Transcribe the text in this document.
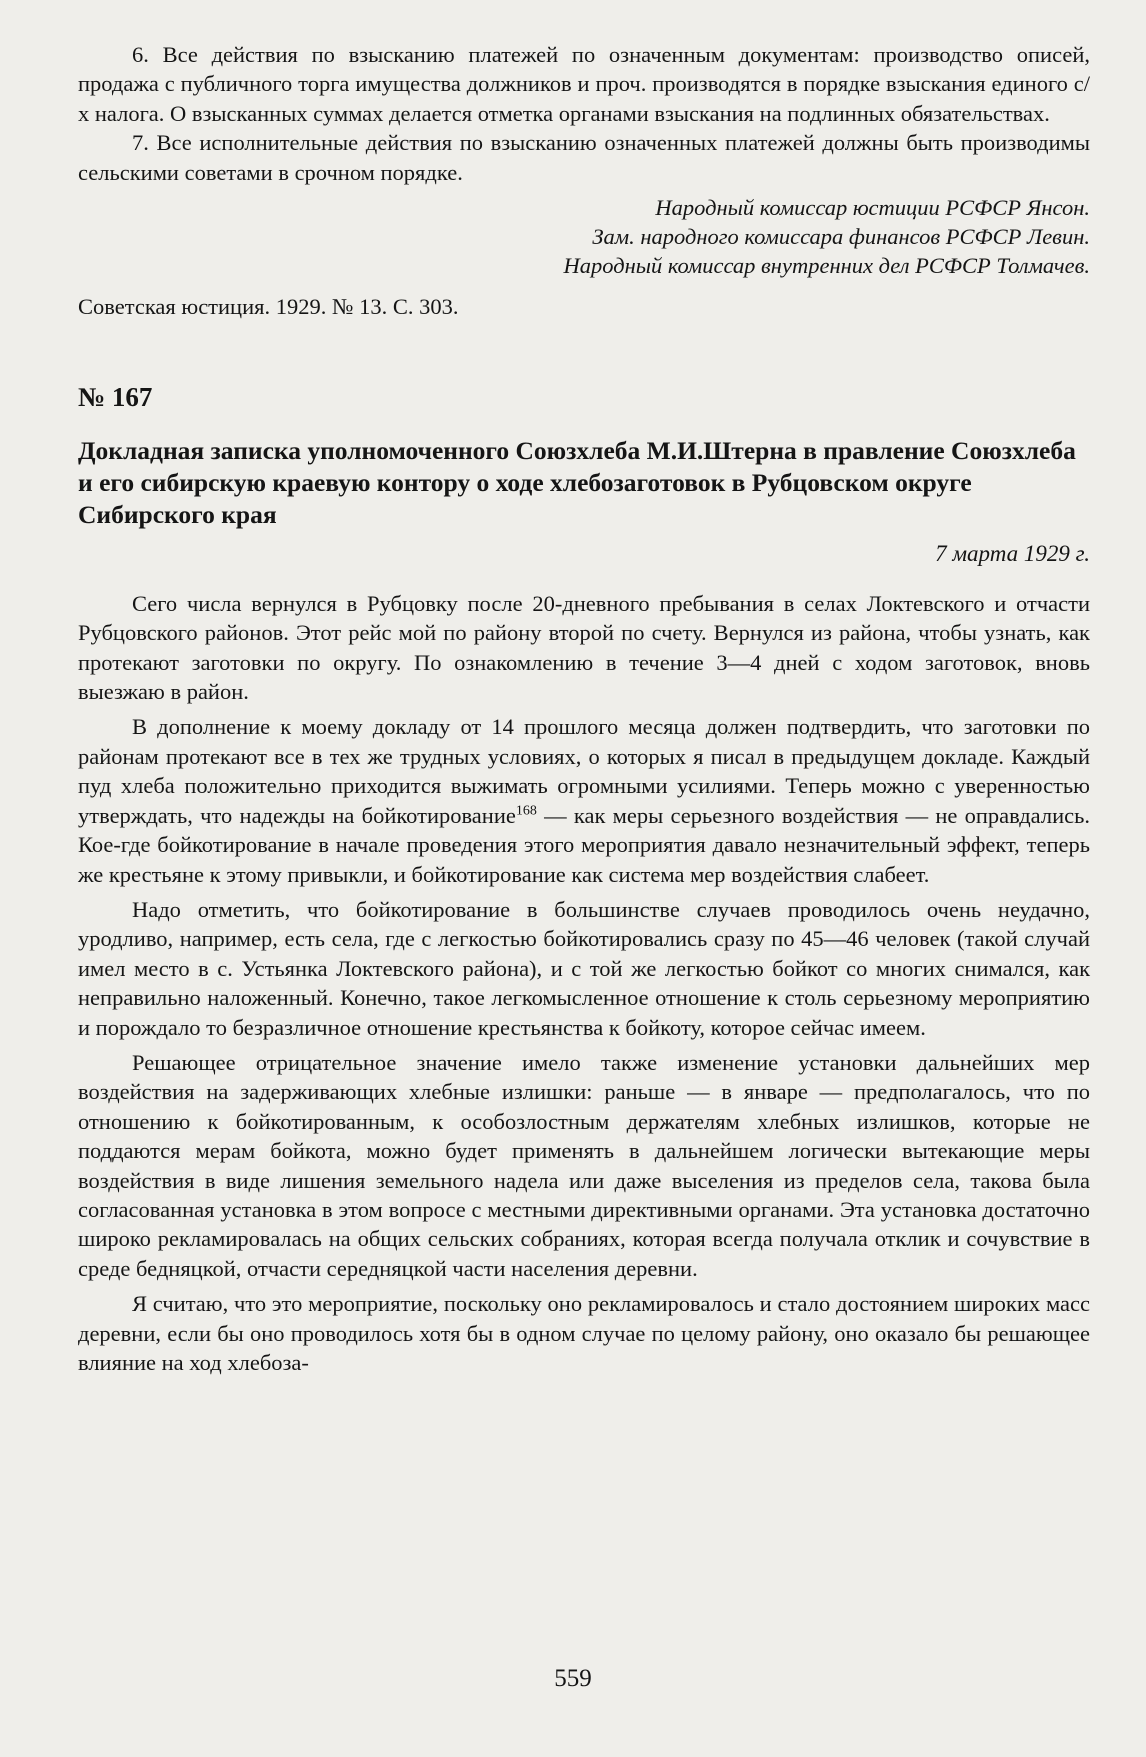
6. Все действия по взысканию платежей по означенным документам: производство описей, продажа с публичного торга имущества должников и проч. производятся в порядке взыскания единого с/х налога. О взысканных суммах делается отметка органами взыскания на подлинных обязательствах.

7. Все исполнительные действия по взысканию означенных платежей должны быть производимы сельскими советами в срочном порядке.

Народный комиссар юстиции РСФСР Янсон.
Зам. народного комиссара финансов РСФСР Левин.
Народный комиссар внутренних дел РСФСР Толмачев.

Советская юстиция. 1929. № 13. С. 303.

№ 167
Докладная записка уполномоченного Союзхлеба М.И.Штерна в правление Союзхлеба и его сибирскую краевую контору о ходе хлебозаготовок в Рубцовском округе Сибирского края
7 марта 1929 г.

Сего числа вернулся в Рубцовку после 20-дневного пребывания в селах Локтевского и отчасти Рубцовского районов. Этот рейс мой по району второй по счету. Вернулся из района, чтобы узнать, как протекают заготовки по округу. По ознакомлению в течение 3—4 дней с ходом заготовок, вновь выезжаю в район.

В дополнение к моему докладу от 14 прошлого месяца должен подтвердить, что заготовки по районам протекают все в тех же трудных условиях, о которых я писал в предыдущем докладе. Каждый пуд хлеба положительно приходится выжимать огромными усилиями. Теперь можно с уверенностью утверждать, что надежды на бойкотирование$^{168}$ — как меры серьезного воздействия — не оправдались. Кое-где бойкотирование в начале проведения этого мероприятия давало незначительный эффект, теперь же крестьяне к этому привыкли, и бойкотирование как система мер воздействия слабеет.

Надо отметить, что бойкотирование в большинстве случаев проводилось очень неудачно, уродливо, например, есть села, где с легкостью бойкотировались сразу по 45—46 человек (такой случай имел место в с. Устьянка Локтевского района), и с той же легкостью бойкот со многих снимался, как неправильно наложенный. Конечно, такое легкомысленное отношение к столь серьезному мероприятию и порождало то безразличное отношение крестьянства к бойкоту, которое сейчас имеем.

Решающее отрицательное значение имело также изменение установки дальнейших мер воздействия на задерживающих хлебные излишки: раньше — в январе — предполагалось, что по отношению к бойкотированным, к особозлостным держателям хлебных излишков, которые не поддаются мерам бойкота, можно будет применять в дальнейшем логически вытекающие меры воздействия в виде лишения земельного надела или даже выселения из пределов села, такова была согласованная установка в этом вопросе с местными директивными органами. Эта установка достаточно широко рекламировалась на общих сельских собраниях, которая всегда получала отклик и сочувствие в среде бедняцкой, отчасти середняцкой части населения деревни.

Я считаю, что это мероприятие, поскольку оно рекламировалось и стало достоянием широких масс деревни, если бы оно проводилось хотя бы в одном случае по целому району, оно оказало бы решающее влияние на ход хлебоза-

559
